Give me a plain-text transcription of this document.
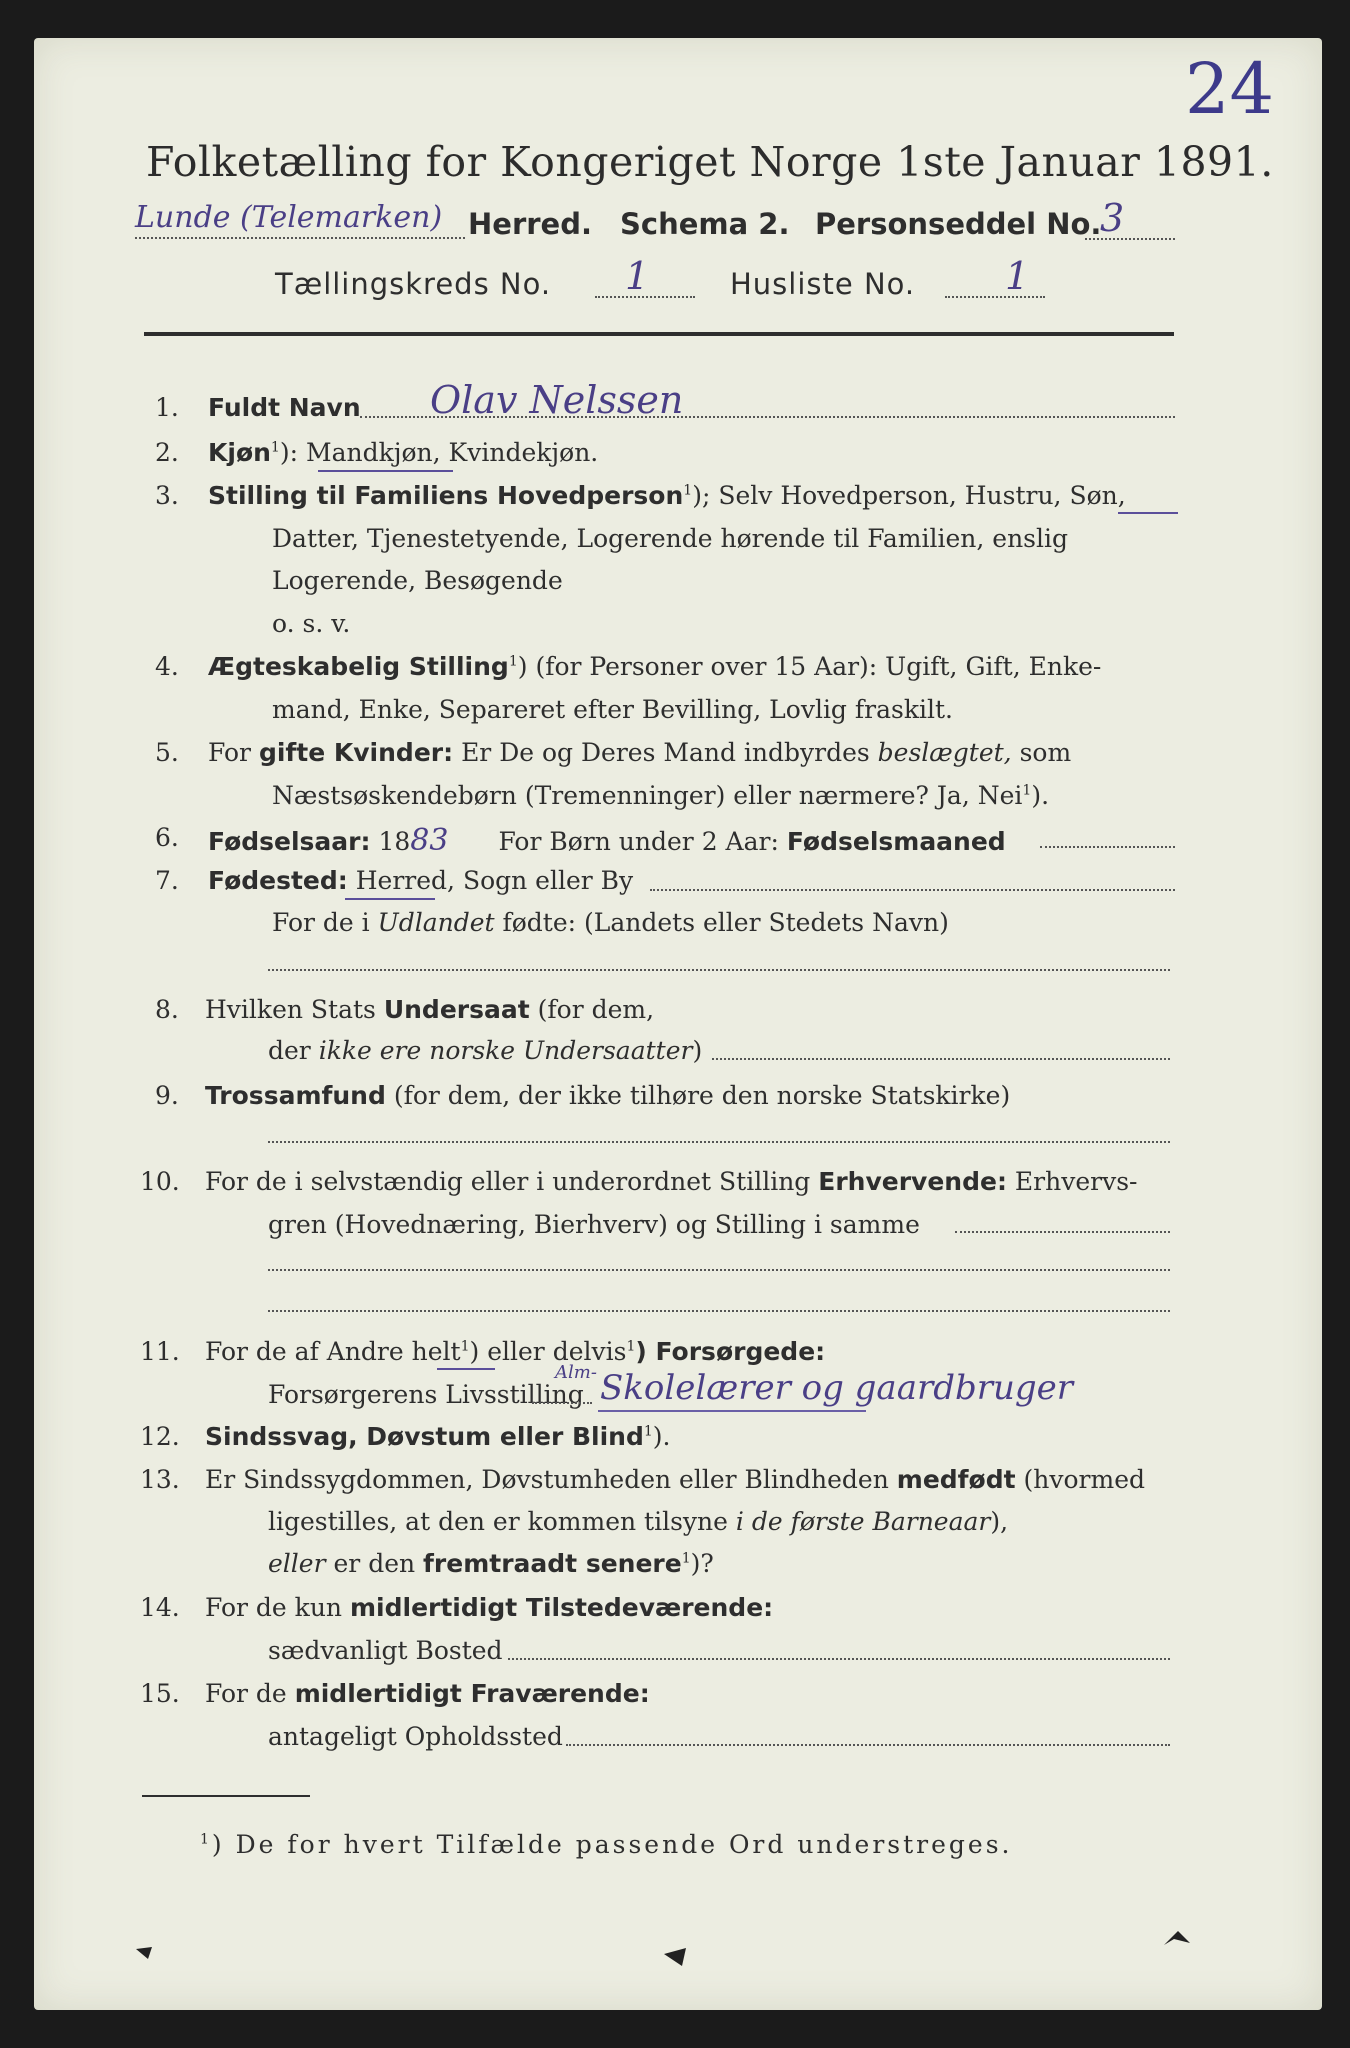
24
Folketælling for Kongeriget Norge 1ste Januar 1891.
Lunde (Telemarken) Herred. Schema 2. Personseddel No.
3
Tællingskreds No. 1	Husliste No. 1
1. Fuldt Navn Olav Nelssen
2. Kjøn$^1$): Mandkjøn, Kvindekjøn.
3. Stilling til Familiens Hovedperson$^1$); Selv Hovedperson, Hustru, Søn,
Datter, Tjenestetyende, Logerende hørende til Familien, enslig
Logerende, Besøgende
o. s. v.
4. Ægteskabelig Stilling$^1$) (for Personer over 15 Aar): Ugift, Gift, Enke-
mand, Enke, Separeret efter Bevilling, Lovlig fraskilt.
5. For gifte Kvinder: Er De og Deres Mand indbyrdes beslægtet, som
Næstsøskendebørn (Tremenninger) eller nærmere? Ja, Nei$^1$).
6. Fødselsaar: 1883 For Børn under 2 Aar: Fødselsmaaned
7. Fødested: Herred, Sogn eller By
For de i Udlandet fødte: (Landets eller Stedets Navn)
8. Hvilken Stats Undersaat (for dem,
der ikke ere norske Undersaatter)
9. Trossamfund (for dem, der ikke tilhøre den norske Statskirke)
10. For de i selvstændig eller i underordnet Stilling Erhvervende: Erhvervs-
gren (Hovednæring, Bierhverv) og Stilling i samme
11. For de af Andre helt$^1$) eller delvis$^1$) Forsørgede:
Forsørgerens Livsstilling
Alm- Skolelærer og gaardbruger
12. Sindssvag, Døvstum eller Blind$^1$).
13. Er Sindssygdommen, Døvstumheden eller Blindheden medfødt (hvormed
ligestilles, at den er kommen tilsyne i de første Barneaar),
eller er den fremtraadt senere$^1$)?
14. For de kun midlertidigt Tilstedeværende:
sædvanligt Bosted
15. For de midlertidigt Fraværende:
antageligt Opholdssted
$^1$) De for hvert Tilfælde passende Ord understreges.
